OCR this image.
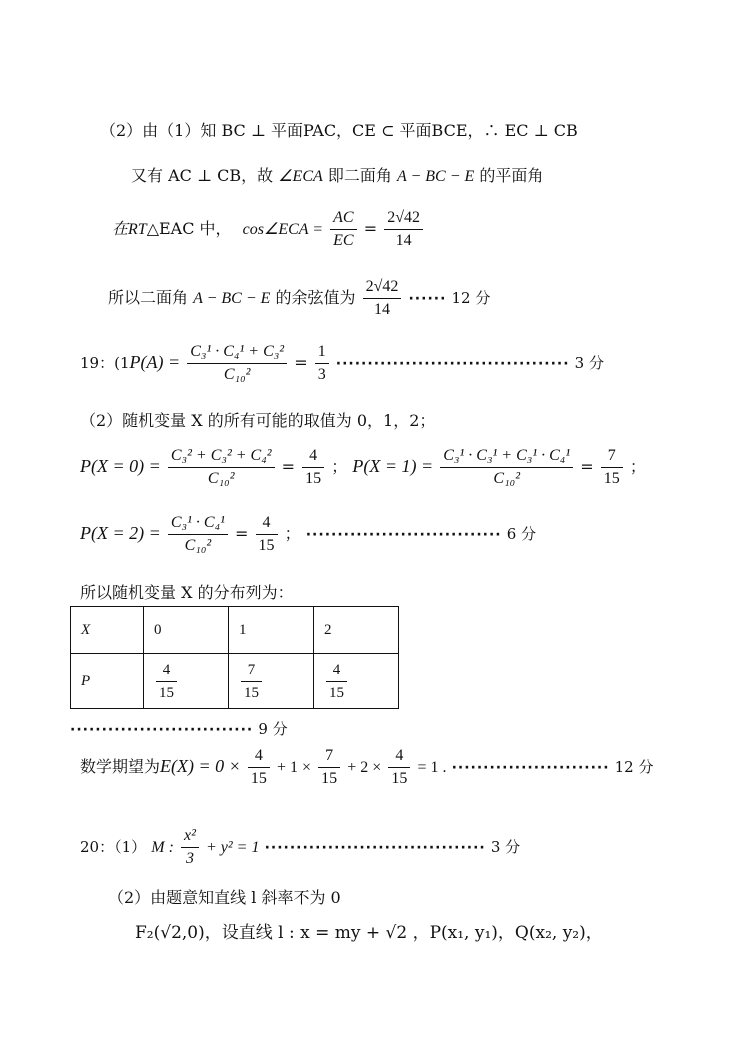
（2）由（1）知 BC ⊥ 平面PAC，CE ⊂ 平面BCE，∴ EC ⊥ CB
又有 AC ⊥ CB，故 ∠ECA 即二面角 A − BC − E 的平面角
在RT△EAC 中， cos∠ECA = $\frac{AC}{EC} = \frac{2√42}{14}$
所以二面角 A − BC − E 的余弦值为 $\frac{2√42}{14}$ ······ 12 分
19：($1P(A) = \frac{\text{C₃¹ · C₄¹ + C₃²}}{\text{C₁₀²}} = \frac{1}{3}$ ····································· 3 分
（2）随机变量 X 的所有可能的取值为 0，1，2；
$P(X = 0) = \frac{\text{C₃² + C₃² + C₄²}}{\text{C₁₀²}} = \frac{4}{15}$ ； $P(X = 1) = \frac{\text{C₃¹ · C₃¹ + C₃¹ · C₄¹}}{\text{C₁₀²}} = \frac{7}{15}$ ；
$P(X = 2) = \frac{\text{C₃¹ · C₄¹}}{\text{C₁₀²}} = \frac{4}{15}$ ； ······························· 6 分
所以随机变量 X 的分布列为：
X	0	1	2
P	$\frac{4}{15}$	$\frac{7}{15}$	$\frac{4}{15}$
····························· 9 分
数学期望为$E(X) = 0 \times \frac{4}{15} + 1 \times \frac{7}{15} + 2 \times \frac{4}{15} = 1$ . ························· 12 分
20：（1） M : $\frac{\text{x²}}{3} + y^2 = 1$ ··································· 3 分
（2）由题意知直线 l 斜率不为 0
F₂(√2,0)，设直线 l : x = my + √2 ，P(x₁, y₁)，Q(x₂, y₂)，
